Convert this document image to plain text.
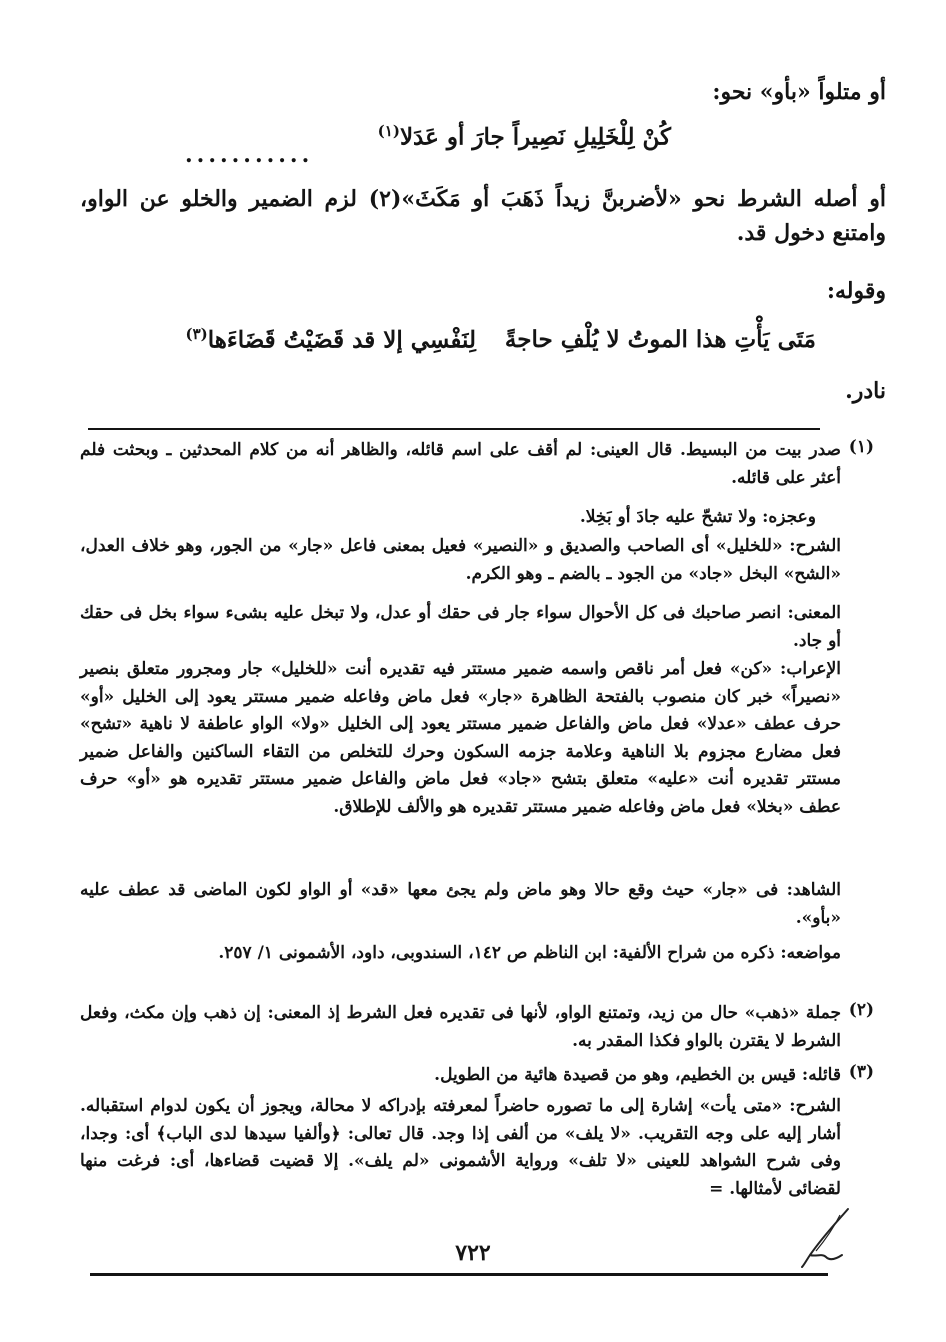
أو متلواً «بأو» نحو:
كُنْ لِلْخَلِيلِ نَصِيراً جارَ أو عَدَلا$^{(١)}$
...........
أو أصله الشرط نحو «لأضربنَّ زيداً ذَهَبَ أو مَكَثَ»(٢) لزم الضمير والخلو عن الواو، وامتنع دخول قد.
وقوله:
مَتَى يَأْتِ هذا الموتُ لا يُلْفِ حاجةً
لِنَفْسِي إلا قد قَضَيْتُ قَضَاءَها$^{(٣)}$
نادر.
(١)
صدر بيت من البسيط. قال العينى: لم أقف على اسم قائله، والظاهر أنه من كلام المحدثين ـ وبحثت فلم أعثر على قائله.
وعجزه: ولا تشحّ عليه جادَ أو بَخِلا.
الشرح: «للخليل» أى الصاحب والصديق و «النصير» فعيل بمعنى فاعل «جار» من الجور، وهو خلاف العدل، «الشح» البخل «جاد» من الجود ـ بالضم ـ وهو الكرم.
المعنى: انصر صاحبك فى كل الأحوال سواء جار فى حقك أو عدل، ولا تبخل عليه بشىء سواء بخل فى حقك أو جاد.
الإعراب: «كن» فعل أمر ناقص واسمه ضمير مستتر فيه تقديره أنت «للخليل» جار ومجرور متعلق بنصير «نصيراً» خبر كان منصوب بالفتحة الظاهرة «جار» فعل ماض وفاعله ضمير مستتر يعود إلى الخليل «أو» حرف عطف «عدلا» فعل ماض والفاعل ضمير مستتر يعود إلى الخليل «ولا» الواو عاطفة لا ناهية «تشح» فعل مضارع مجزوم بلا الناهية وعلامة جزمه السكون وحرك للتخلص من التقاء الساكنين والفاعل ضمير مستتر تقديره أنت «عليه» متعلق بتشح «جاد» فعل ماض والفاعل ضمير مستتر تقديره هو «أو» حرف عطف «بخلا» فعل ماض وفاعله ضمير مستتر تقديره هو والألف للإطلاق.
الشاهد: فى «جار» حيث وقع حالا وهو ماض ولم يجئ معها «قد» أو الواو لكون الماضى قد عطف عليه «بأو».
مواضعه: ذكره من شراح الألفية: ابن الناظم ص ١٤٢، السندوبى، داود، الأشمونى ١/ ٢٥٧.
(٢)
جملة «ذهب» حال من زيد، وتمتنع الواو، لأنها فى تقديره فعل الشرط إذ المعنى: إن ذهب وإن مكث، وفعل الشرط لا يقترن بالواو فكذا المقدر به.
(٣)
قائله: قيس بن الخطيم، وهو من قصيدة هائية من الطويل.
الشرح: «متى يأت» إشارة إلى ما تصوره حاضراً لمعرفته بإدراكه لا محالة، ويجوز أن يكون لدوام استقباله. أشار إليه على وجه التقريب. «لا يلف» من ألفى إذا وجد. قال تعالى: ﴿وألفيا سيدها لدى الباب﴾ أى: وجدا، وفى شرح الشواهد للعينى «لا تلف» ورواية الأشمونى «لم يلف». إلا قضيت قضاءها، أى: فرغت منها لقضائى لأمثالها. =
٧٢٢
